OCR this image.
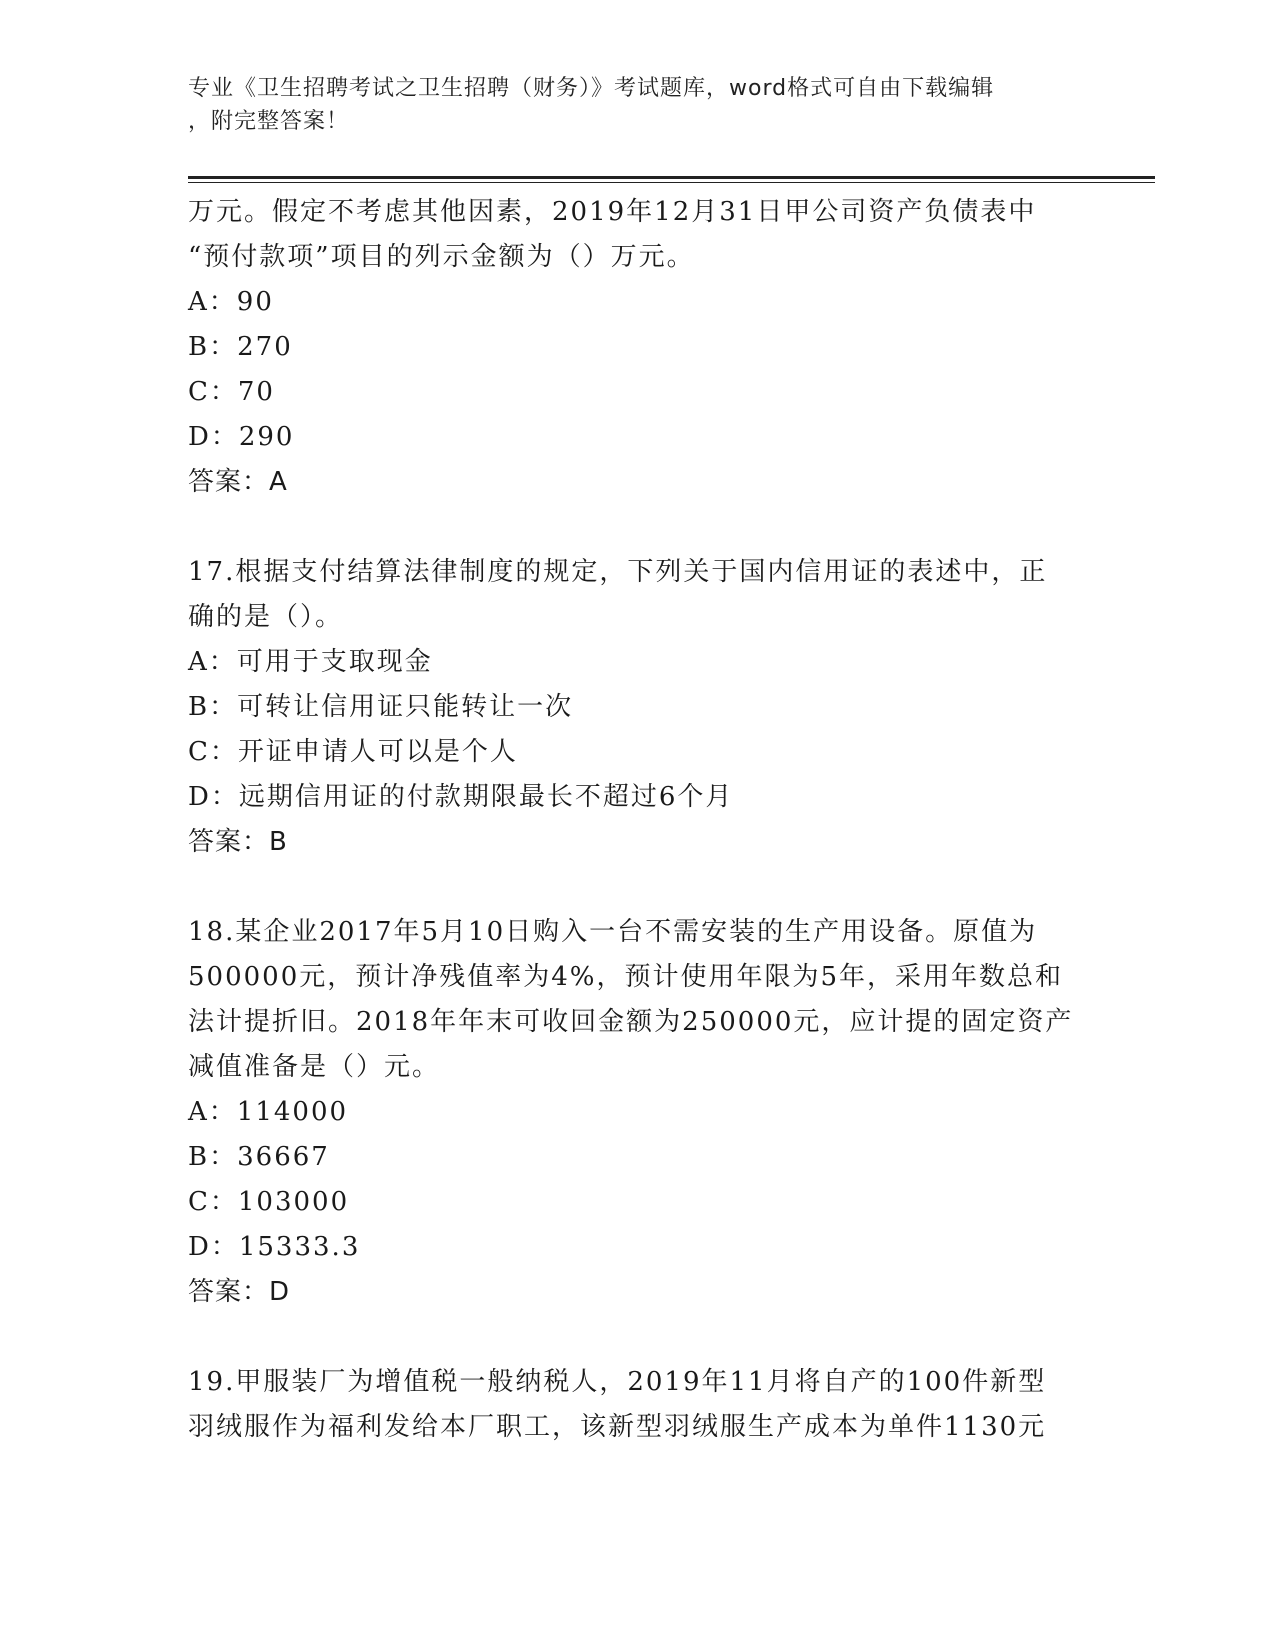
专业《卫生招聘考试之卫生招聘（财务）》考试题库，word格式可自由下载编辑
，附完整答案！
万元。假定不考虑其他因素，2019年12月31日甲公司资产负债表中
“预付款项”项目的列示金额为（）万元。
A：90
B：270
C：70
D：290
答案：A
17.根据支付结算法律制度的规定，下列关于国内信用证的表述中，正
确的是（）。
A：可用于支取现金
B：可转让信用证只能转让一次
C：开证申请人可以是个人
D：远期信用证的付款期限最长不超过6个月
答案：B
18.某企业2017年5月10日购入一台不需安装的生产用设备。原值为
500000元，预计净残值率为4%，预计使用年限为5年，采用年数总和
法计提折旧。2018年年末可收回金额为250000元，应计提的固定资产
减值准备是（）元。
A：114000
B：36667
C：103000
D：15333.3
答案：D
19.甲服装厂为增值税一般纳税人，2019年11月将自产的100件新型
羽绒服作为福利发给本厂职工，该新型羽绒服生产成本为单件1130元
